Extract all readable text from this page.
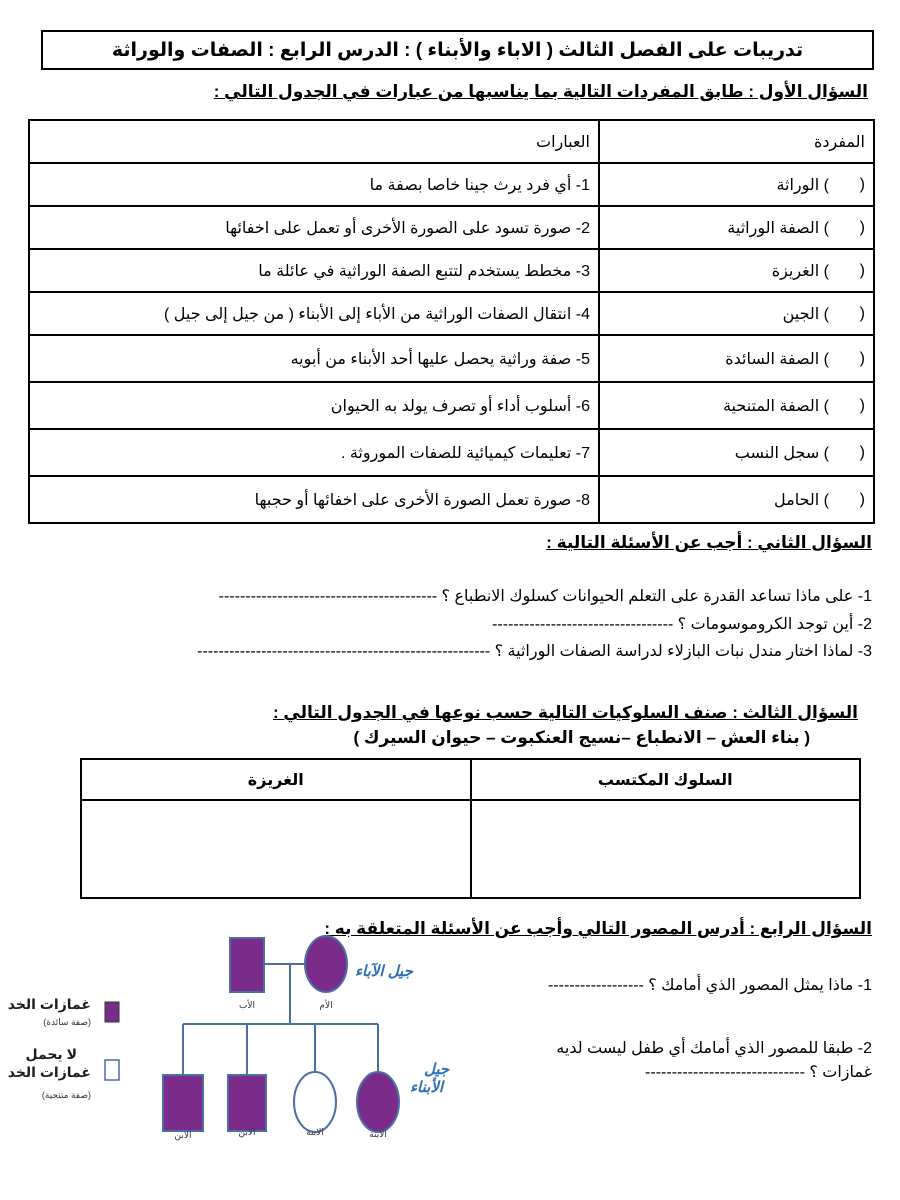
تدريبات على الفصل الثالث ( الاباء والأبناء ) : الدرس الرابع : الصفات والوراثة
السؤال الأول : طابق المفردات التالية بما يناسبها من عبارات في الجدول التالي :
المفردة	العبارات

(
) الوراثة	1- أي فرد يرث جينا خاصا بصفة ما

(
) الصفة الوراثية	2- صورة تسود على الصورة الأخرى أو تعمل على اخفائها

(
) الغريزة	3- مخطط يستخدم لتتبع الصفة الوراثية في عائلة ما

(
) الجين	4- انتقال الصفات الوراثية من الأباء إلى الأبناء ( من جيل إلى جيل )

(
) الصفة السائدة	5- صفة وراثية يحصل عليها أحد الأبناء من أبويه

(
) الصفة المتنحية	6- أسلوب أداء أو تصرف يولد به الحيوان

(
) سجل النسب	7- تعليمات كيميائية للصفات الموروثة .

(
) الحامل	8- صورة تعمل الصورة الأخرى على اخفائها أو حجبها
السؤال الثاني : أجب عن الأسئلة التالية :
1- على ماذا تساعد القدرة على التعلم الحيوانات كسلوك الانطباع ؟ -----------------------------------------
2- أين توجد الكروموسومات ؟ ----------------------------------
3- لماذا اختار مندل نبات البازلاء لدراسة الصفات الوراثية ؟ -------------------------------------------------------
السؤال الثالث : صنف السلوكيات التالية حسب نوعها في الجدول التالي :
( بناء العش – الانطباع –نسيج العنكبوت – حيوان السيرك )
السلوك المكتسب	الغريزة

السؤال الرابع : أدرس المصور التالي وأجب عن الأسئلة المتعلقة به :
1- ماذا يمثل المصور الذي أمامك ؟ ------------------
2- طبقا للمصور الذي أمامك أي طفل ليست لديه
غمازات ؟ ------------------------------
الأب	الأم
الابن	الابن	الابنة	الابنة
جيل الآباء
جيل
الأبناء
غمازات الخد
(صفة سائدة)
لا يحمل
غمازات الخد
(صفة متنحية)
